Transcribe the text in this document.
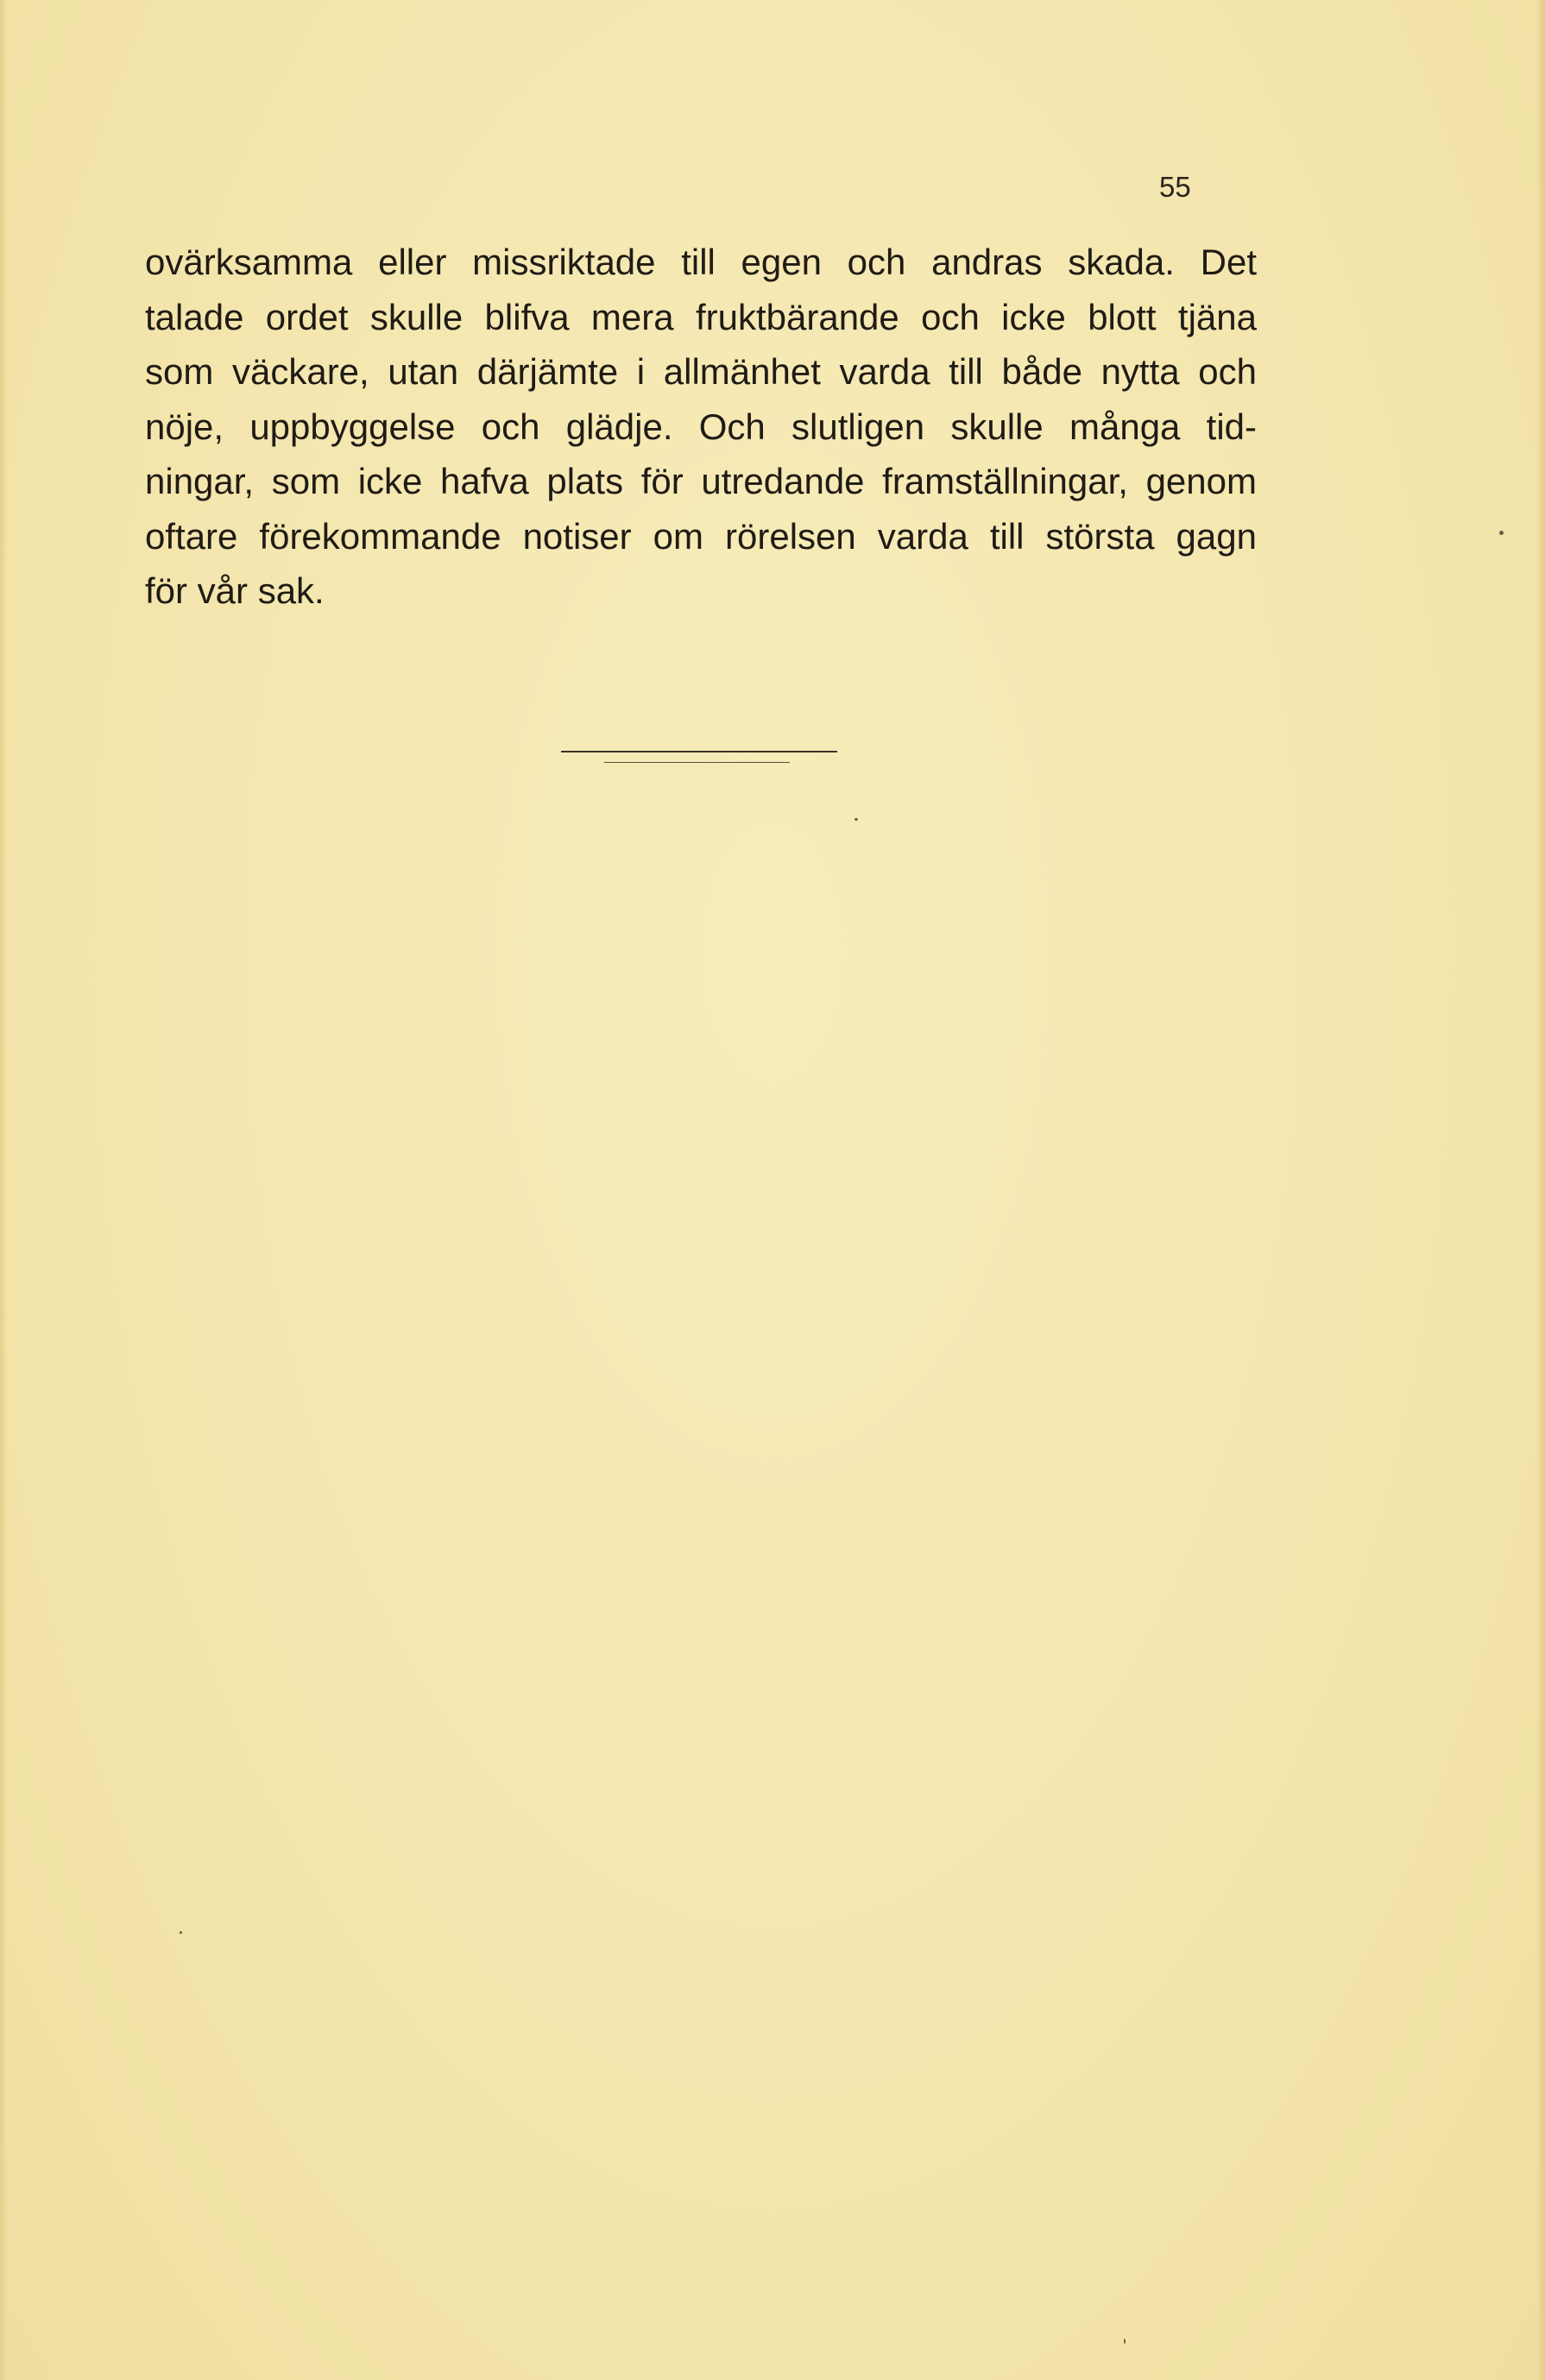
55
ovärksamma eller missriktade till egen och andras skada. Det
talade ordet skulle blifva mera fruktbärande och icke blott tjäna
som väckare, utan därjämte i allmänhet varda till både nytta och
nöje, uppbyggelse och glädje. Och slutligen skulle många tid-
ningar, som icke hafva plats för utredande framställningar, genom
oftare förekommande notiser om rörelsen varda till största gagn
för vår sak.
